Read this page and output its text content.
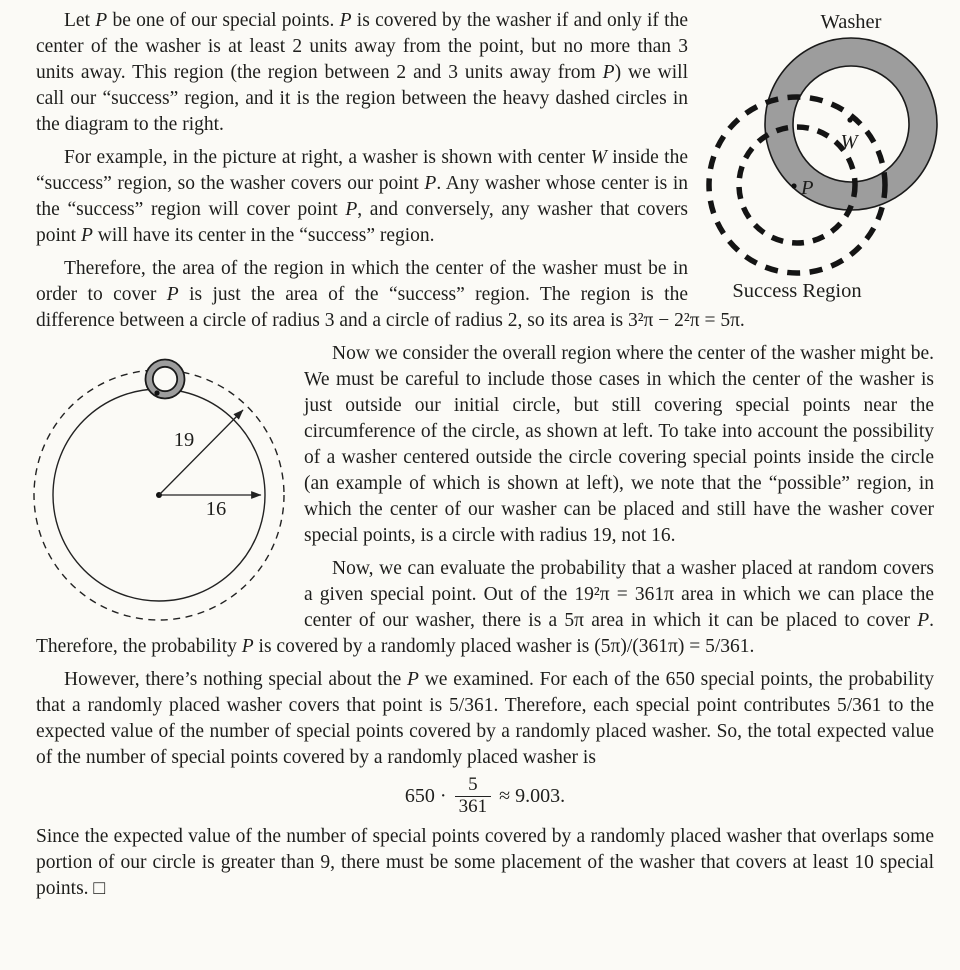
Let P be one of our special points. P is covered by the washer if and only if the center of the washer is at least 2 units away from the point, but no more than 3 units away. This region (the region between 2 and 3 units away from P) we will call our “success” region, and it is the region between the heavy dashed circles in the diagram to the right.

For example, in the picture at right, a washer is shown with center W inside the “success” region, so the washer covers our point P. Any washer whose center is in the “success” region will cover point P, and conversely, any washer that covers point P will have its center in the “success” region.

Therefore, the area of the region in which the center of the washer must be in order to cover P is just the area of the “success” region. The region is the difference between a circle of radius 3 and a circle of radius 2, so its area is 3²π − 2²π = 5π.

Now we consider the overall region where the center of the washer might be. We must be careful to include those cases in which the center of the washer is just outside our initial circle, but still covering special points near the circumference of the circle, as shown at left. To take into account the possibility of a washer centered outside the circle covering special points inside the circle (an example of which is shown at left), we note that the “possible” region, in which the center of our washer can be placed and still have the washer cover special points, is a circle with radius 19, not 16.

Now, we can evaluate the probability that a washer placed at random covers a given special point. Out of the 19²π = 361π area in which we can place the center of our washer, there is a 5π area in which it can be placed to cover P. Therefore, the probability P is covered by a randomly placed washer is (5π)/(361π) = 5/361.

However, there’s nothing special about the P we examined. For each of the 650 special points, the probability that a randomly placed washer covers that point is 5/361. Therefore, each special point contributes 5/361 to the expected value of the number of special points covered by a randomly placed washer. So, the total expected value of the number of special points covered by a randomly placed washer is

$650 \cdot \frac{5}{361} \approx 9.003$.

Since the expected value of the number of special points covered by a randomly placed washer that overlaps some portion of our circle is greater than 9, there must be some placement of the washer that covers at least 10 special points. □

Washer
W
P
Success Region
19
16
